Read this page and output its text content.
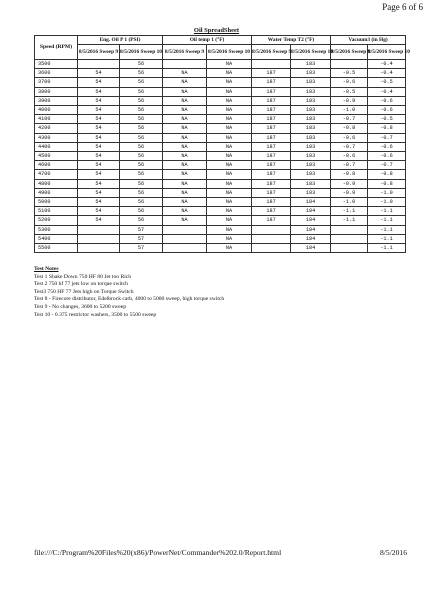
Page 6 of 6
Oil SpreadSheet
Speed (RPM)	Eng. Oil P 1 (PSI)		Oil temp 1 (°F)		Water Temp T2 (°F)		Vacuum3 (in Hg)	
	8/5/2016 Sweep 9	8/5/2016 Sweep 10	8/5/2016 Sweep 9	8/5/2016 Sweep 10	8/5/2016 Sweep 9	8/5/2016 Sweep 10	8/5/2016 Sweep 9	8/5/2016 Sweep 10
3500		56		NA		183		-0.4
3600	54	56	NA	NA	187	183	-0.5	-0.4
3700	54	56	NA	NA	187	183	-0.6	-0.5
3800	54	56	NA	NA	187	183	-0.5	-0.4
3900	54	56	NA	NA	187	183	-0.9	-0.6
4000	54	56	NA	NA	187	183	-1.0	-0.6
4100	54	56	NA	NA	187	183	-0.7	-0.5
4200	54	56	NA	NA	187	183	-0.8	-0.8
4300	54	56	NA	NA	187	183	-0.6	-0.7
4400	54	56	NA	NA	187	183	-0.7	-0.6
4500	54	56	NA	NA	187	183	-0.6	-0.6
4600	54	56	NA	NA	187	183	-0.7	-0.7
4700	54	56	NA	NA	187	183	-0.8	-0.8
4800	54	56	NA	NA	187	183	-0.9	-0.8
4900	54	56	NA	NA	187	183	-0.9	-1.0
5000	54	56	NA	NA	187	184	-1.0	-1.0
5100	54	56	NA	NA	187	184	-1.1	-1.1
5200	54	56	NA	NA	187	184	-1.1	-1.1
5300		57		NA		184		-1.1
5400		57		NA		184		-1.1
5500		57		NA		184		-1.1
Test Notes
Test 1 Shake Down 750 HF 80 Jet too Rich
Test 2 750 hf 77 jets low on torque switch
Test3 750 HF 77 Jets high on Torque Switch
Test 8 - Firecore distributor, Edelbrock carb, 4000 to 5000 sweep, high torque switch
Test 9 - No changes, 3600 to 5200 sweep
Test 10 - 0.375 restrictor washers, 3500 to 5500 sweep
file:///C:/Program%20Files%20(x86)/PowerNet/Commander%202.0/Report.html	8/5/2016
